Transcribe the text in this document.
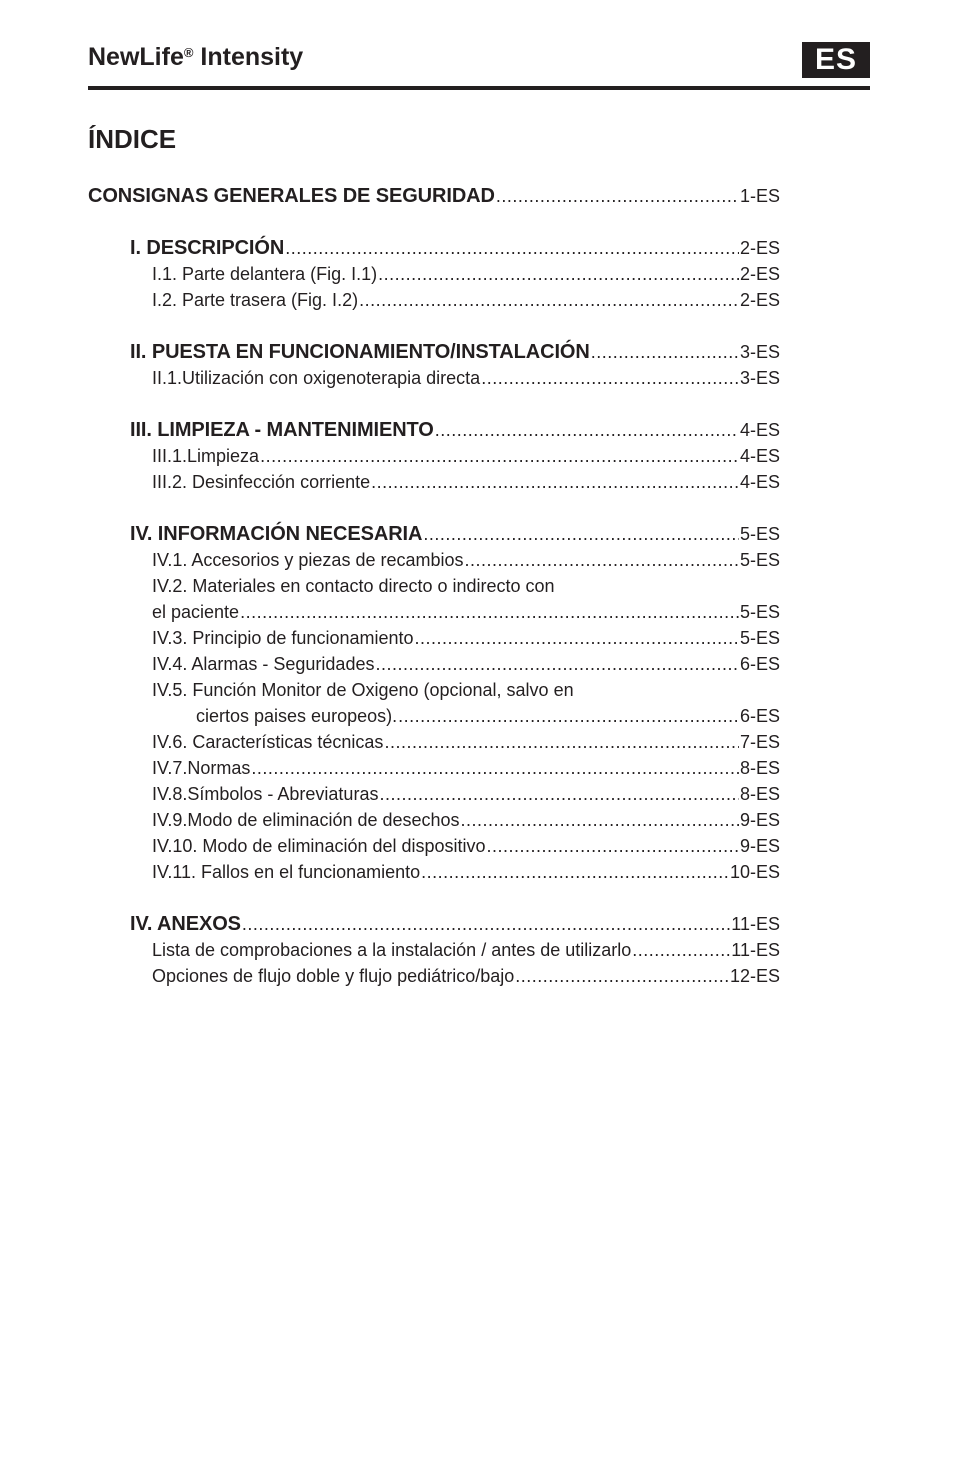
NewLife® Intensity	ES
ÍNDICE
CONSIGNAS GENERALES DE SEGURIDAD .....	1-ES
I. DESCRIPCIÓN .....	2-ES
I.1. Parte delantera (Fig. I.1) .....	2-ES
I.2. Parte trasera (Fig. I.2) .....	2-ES
II. PUESTA EN FUNCIONAMIENTO/INSTALACIÓN .....	3-ES
II.1.Utilización con oxigenoterapia directa .....	3-ES
III. LIMPIEZA - MANTENIMIENTO .....	4-ES
III.1.Limpieza .....	4-ES
III.2. Desinfección corriente .....	4-ES
IV. INFORMACIÓN NECESARIA .....	5-ES
IV.1. Accesorios y piezas de recambios .....	5-ES
IV.2. Materiales en contacto directo o indirecto con
el paciente .....	5-ES
IV.3. Principio de funcionamiento .....	5-ES
IV.4. Alarmas - Seguridades .....	6-ES
IV.5. Función Monitor de Oxigeno (opcional, salvo en
ciertos paises europeos). .....	6-ES
IV.6. Características técnicas .....	7-ES
IV.7.Normas .....	8-ES
IV.8.Símbolos - Abreviaturas .....	8-ES
IV.9.Modo de eliminación de desechos .....	9-ES
IV.10. Modo de eliminación del dispositivo .....	9-ES
IV.11. Fallos en el funcionamiento .....	10-ES
IV. ANEXOS .....	11-ES
Lista de comprobaciones a la instalación / antes de utilizarlo .....	11-ES
Opciones de flujo doble y flujo pediátrico/bajo .....	12-ES
